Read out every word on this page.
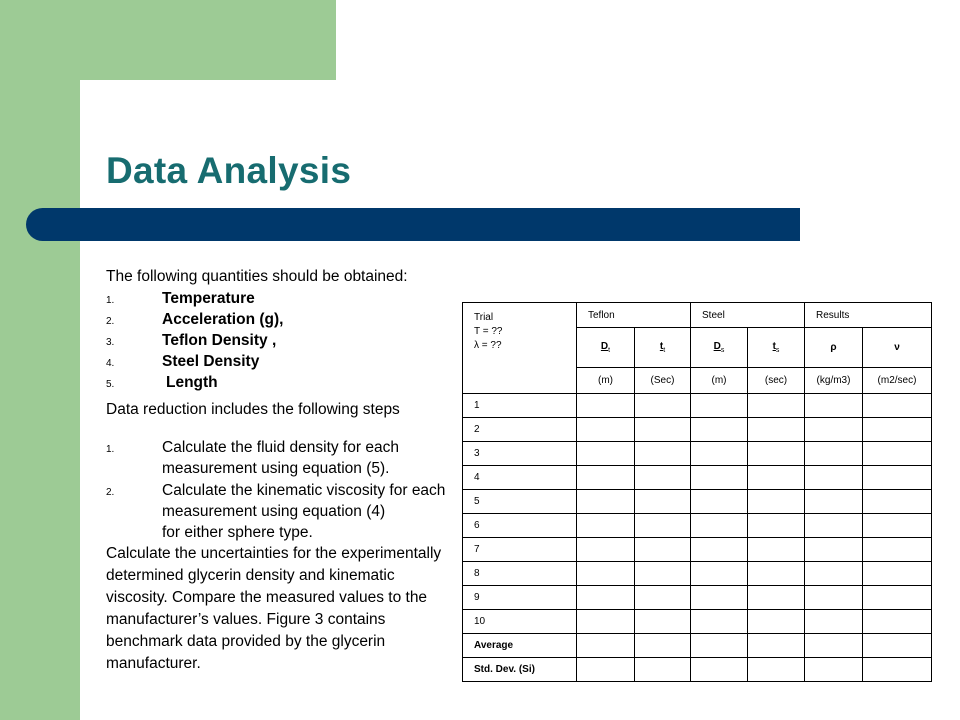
Data Analysis
The following quantities should be obtained:
1.	Temperature
2.	Acceleration (g),
3.	Teflon Density ,
4.	Steel Density
5.	Length
Data reduction includes the following steps
1.	Calculate the fluid density for each
measurement using equation (5).
2.	Calculate the kinematic viscosity for each
measurement using equation (4)
for either sphere type.
Calculate the uncertainties for the experimentally
determined glycerin density and kinematic
viscosity. Compare the measured values to the
manufacturer’s values. Figure 3 contains
benchmark data provided by the glycerin
manufacturer.
Trial
T = ??
λ = ??	Teflon		Steel		Results	
	$D_t$	$t_t$	$D_s$	$t_s$	ρ	ν
	(m)	(Sec)	(m)	(sec)	(kg/m3)	(m2/sec)
1						
2						
3						
4						
5						
6						
7						
8						
9						
10						
Average						
Std. Dev. (Si)						
